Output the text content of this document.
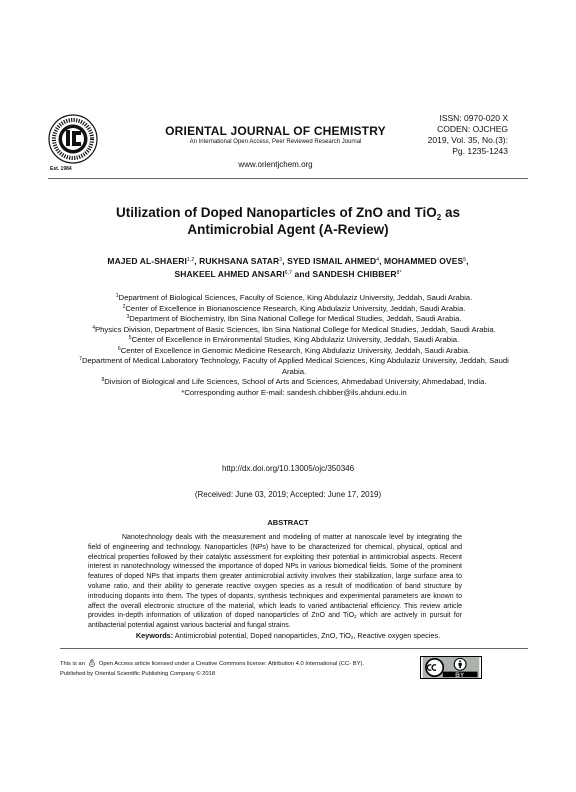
Est. 1984
ORIENTAL JOURNAL OF CHEMISTRY
An International Open Access, Peer Reviewed Research Journal
www.orientjchem.org
ISSN: 0970-020 X
CODEN: OJCHEG
2019, Vol. 35, No.(3):
Pg. 1235-1243
Utilization of Doped Nanoparticles of ZnO and TiO$_2$ as
Antimicrobial Agent (A-Review)
MAJED AL-SHAERI$^{1,2}$, RUKHSANA SATAR$^3$, SYED ISMAIL AHMED$^4$, MOHAMMED OVES$^5$,
SHAKEEL AHMED ANSARI$^{6,7}$ and SANDESH $CHIBBER^{8*}$

$^1$Department of Biological Sciences, Faculty of Science, King Abdulaziz University, Jeddah, Saudi Arabia.

$^2$Center of Excellence in Bionanoscience Research, King Abdulaziz University, Jeddah, Saudi Arabia.

$^3$Department of Biochemistry, Ibn Sina National College for Medical Studies, Jeddah, Saudi Arabia.

$^4$Physics Division, Department of Basic Sciences, Ibn Sina National College for Medical Studies, Jeddah, Saudi Arabia.

$^5$Center of Excellence in Environmental Studies, King Abdulaziz University, Jeddah, Saudi Arabia.

$^6$Center of Excellence in Genomic Medicine Research, King Abdulaziz University, Jeddah, Saudi Arabia.

$^7$Department of Medical Laboratory Technology, Faculty of Applied Medical Sciences, King Abdulaziz University, Jeddah, Saudi Arabia.

$^8$Division of Biological and Life Sciences, School of Arts and Sciences, Ahmedabad University, Ahmedabad, India.

*Corresponding author E-mail: sandesh.chibber@ils.ahduni.edu.in

http://dx.doi.org/10.13005/ojc/350346
(Received: June 03, 2019; Accepted: June 17, 2019)
ABSTRACT
Nanotechnology deals with the measurement and modeling of matter at nanoscale level by integrating the field of engineering and technology. Nanoparticles (NPs) have to be characterized for chemical, physical, optical and electrical properties followed by their catalytic assessment for exploiting their potential in antimicrobial aspects. Recent interest in nanotechnology witnessed the importance of doped NPs in various biomedical fields. Some of the prominent features of doped NPs that imparts them greater antimicrobial activity involves their stabilization, large surface area to volume ratio, and their ability to generate reactive oxygen species as a result of modification of band structure by introducing dopants into them. The types of dopants, synthesis techniques and experimental parameters are known to affect the overall electronic structure of the material, which leads to varied antibacterial efficiency. This review article provides in-depth information of utilization of doped nanoparticles of ZnO and TiO$_2$ which are actively in pursuit for antibacterial potential against various bacterial and fungal strains.
Keywords: Antimicrobial potential, Doped nanoparticles, ZnO, TiO$_2$, Reactive oxygen species.
This is an Open Access article licensed under a Creative Commons license: Attribution 4.0 International (CC- BY).
Published by Oriental Scientific Publishing Company © 2018
